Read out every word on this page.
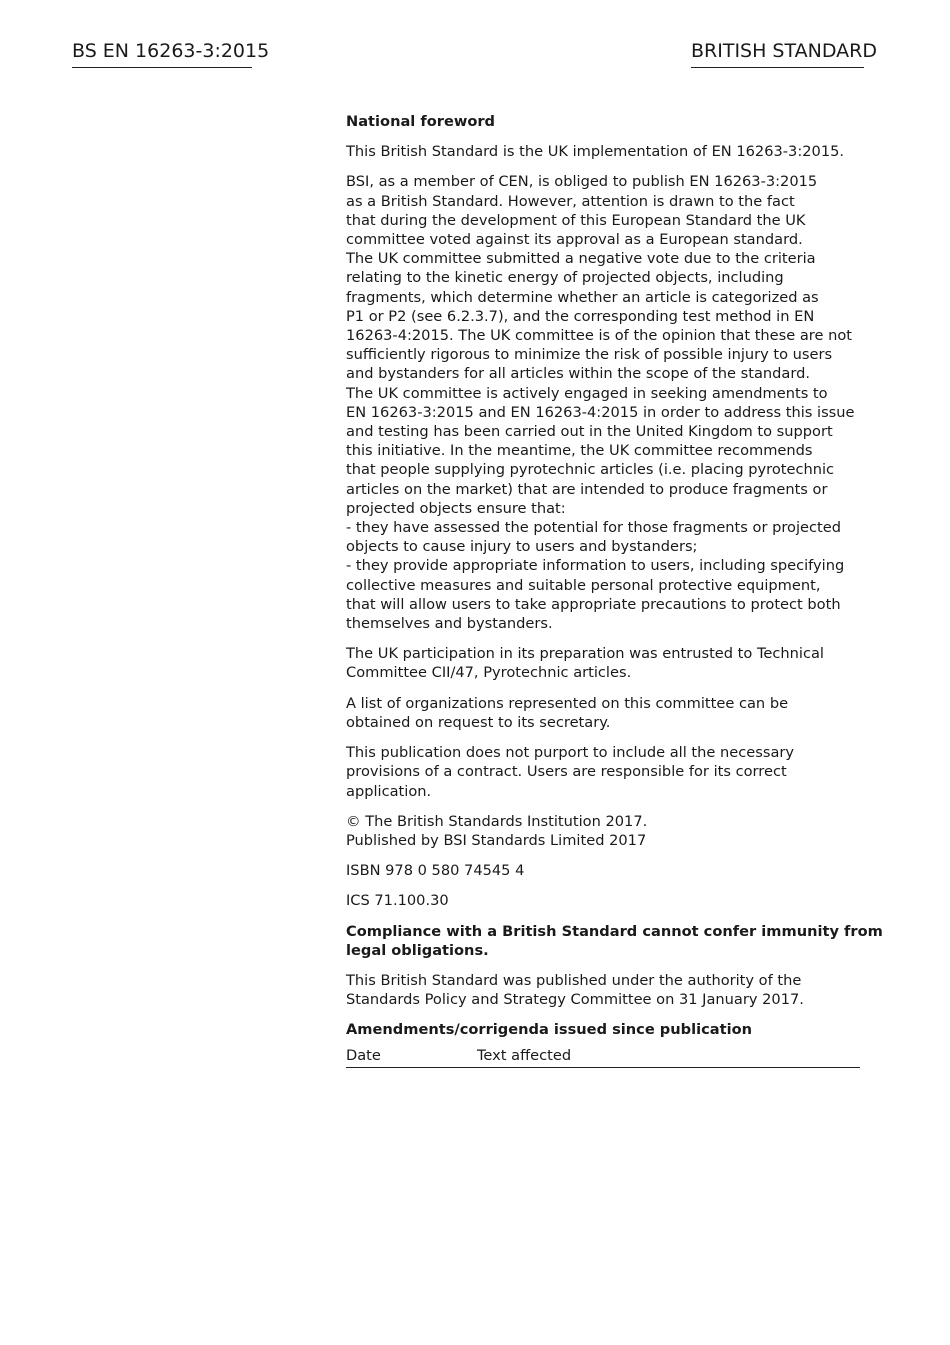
BS EN 16263-3:2015	BRITISH STANDARD

National foreword

This British Standard is the UK implementation of EN 16263-3:2015.

BSI, as a member of CEN, is obliged to publish EN 16263-3:2015

as a British Standard. However, attention is drawn to the fact

that during the development of this European Standard the UK

committee voted against its approval as a European standard.

The UK committee submitted a negative vote due to the criteria

relating to the kinetic energy of projected objects, including

fragments, which determine whether an article is categorized as

P1 or P2 (see 6.2.3.7), and the corresponding test method in EN

16263-4:2015. The UK committee is of the opinion that these are not

sufficiently rigorous to minimize the risk of possible injury to users

and bystanders for all articles within the scope of the standard.

The UK committee is actively engaged in seeking amendments to

EN 16263-3:2015 and EN 16263-4:2015 in order to address this issue

and testing has been carried out in the United Kingdom to support

this initiative. In the meantime, the UK committee recommends

that people supplying pyrotechnic articles (i.e. placing pyrotechnic

articles on the market) that are intended to produce fragments or

projected objects ensure that:

- they have assessed the potential for those fragments or projected

objects to cause injury to users and bystanders;

- they provide appropriate information to users, including specifying

collective measures and suitable personal protective equipment,

that will allow users to take appropriate precautions to protect both

themselves and bystanders.

The UK participation in its preparation was entrusted to Technical

Committee CII/47, Pyrotechnic articles.

A list of organizations represented on this committee can be

obtained on request to its secretary.

This publication does not purport to include all the necessary

provisions of a contract. Users are responsible for its correct

application.

© The British Standards Institution 2017.

Published by BSI Standards Limited 2017

ISBN 978 0 580 74545 4

ICS 71.100.30

Compliance with a British Standard cannot confer immunity from

legal obligations.

This British Standard was published under the authority of the

Standards Policy and Strategy Committee on 31 January 2017.

Amendments/corrigenda issued since publication

Date	Text affected
